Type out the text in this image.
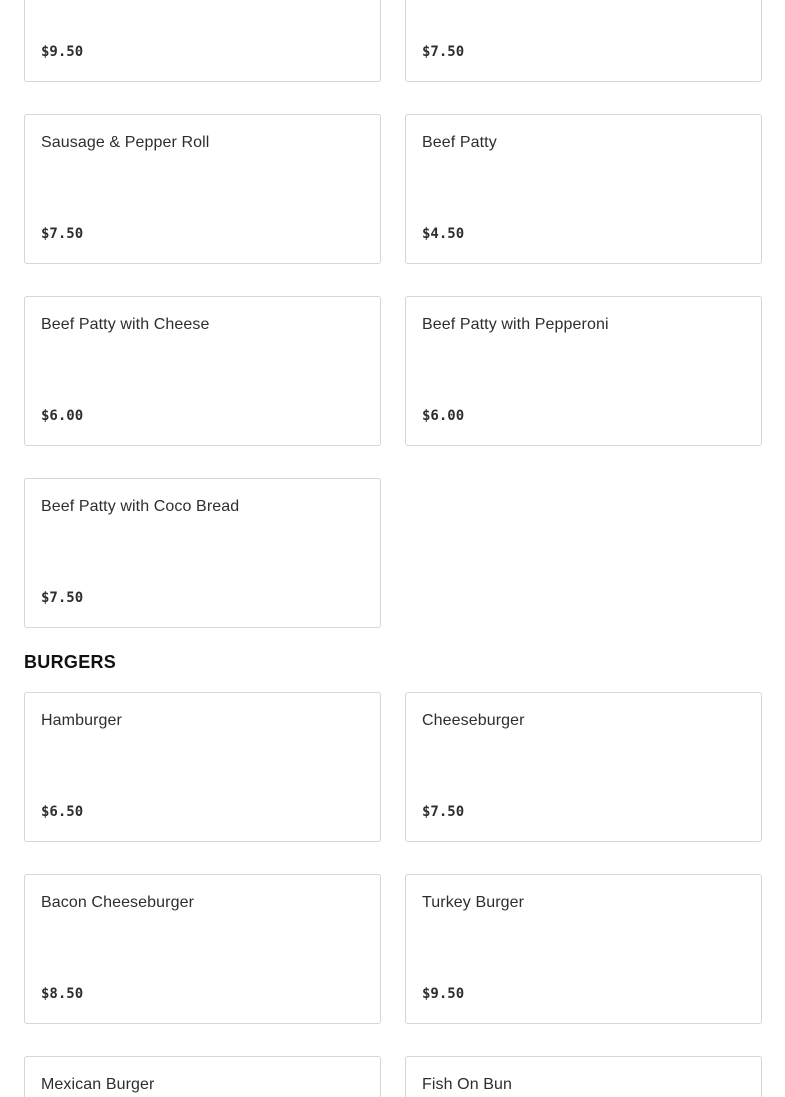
$9.50	$7.50
Sausage & Pepper Roll
$7.50
Beef Patty
$4.50
Beef Patty with Cheese
$6.00
Beef Patty with Pepperoni
$6.00
Beef Patty with Coco Bread
$7.50
BURGERS
Hamburger
$6.50
Cheeseburger
$7.50
Bacon Cheeseburger
$8.50
Turkey Burger
$9.50
Mexican Burger	Fish On Bun
